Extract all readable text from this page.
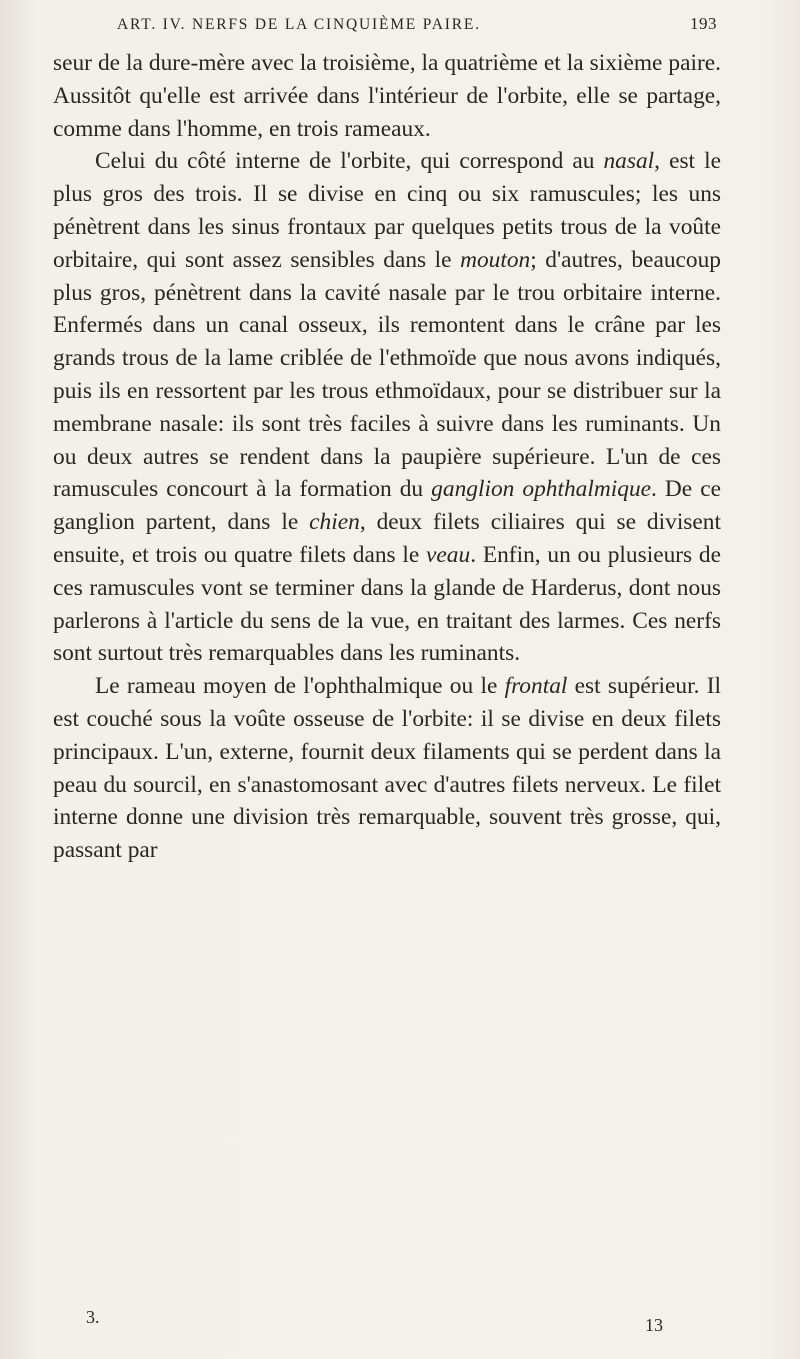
ART. IV. NERFS DE LA CINQUIÈME PAIRE.	193

seur de la dure-mère avec la troisième, la quatrième et la sixième paire. Aussitôt qu'elle est arrivée dans l'intérieur de l'orbite, elle se partage, comme dans l'homme, en trois rameaux.

Celui du côté interne de l'orbite, qui correspond au nasal, est le plus gros des trois. Il se divise en cinq ou six ramuscules; les uns pénètrent dans les sinus frontaux par quelques petits trous de la voûte orbitaire, qui sont assez sensibles dans le mouton; d'autres, beaucoup plus gros, pénètrent dans la cavité nasale par le trou orbitaire interne. Enfermés dans un canal osseux, ils remontent dans le crâne par les grands trous de la lame criblée de l'ethmoïde que nous avons indiqués, puis ils en ressortent par les trous ethmoïdaux, pour se distribuer sur la membrane nasale: ils sont très faciles à suivre dans les ruminants. Un ou deux autres se rendent dans la paupière supérieure. L'un de ces ramuscules concourt à la formation du ganglion ophthalmique. De ce ganglion partent, dans le chien, deux filets ciliaires qui se divisent ensuite, et trois ou quatre filets dans le veau. Enfin, un ou plusieurs de ces ramuscules vont se terminer dans la glande de Harderus, dont nous parlerons à l'article du sens de la vue, en traitant des larmes. Ces nerfs sont surtout très remarquables dans les ruminants.

Le rameau moyen de l'ophthalmique ou le frontal est supérieur. Il est couché sous la voûte osseuse de l'orbite: il se divise en deux filets principaux. L'un, externe, fournit deux filaments qui se perdent dans la peau du sourcil, en s'anastomosant avec d'autres filets nerveux. Le filet interne donne une division très remarquable, souvent très grosse, qui, passant par

3.	13
